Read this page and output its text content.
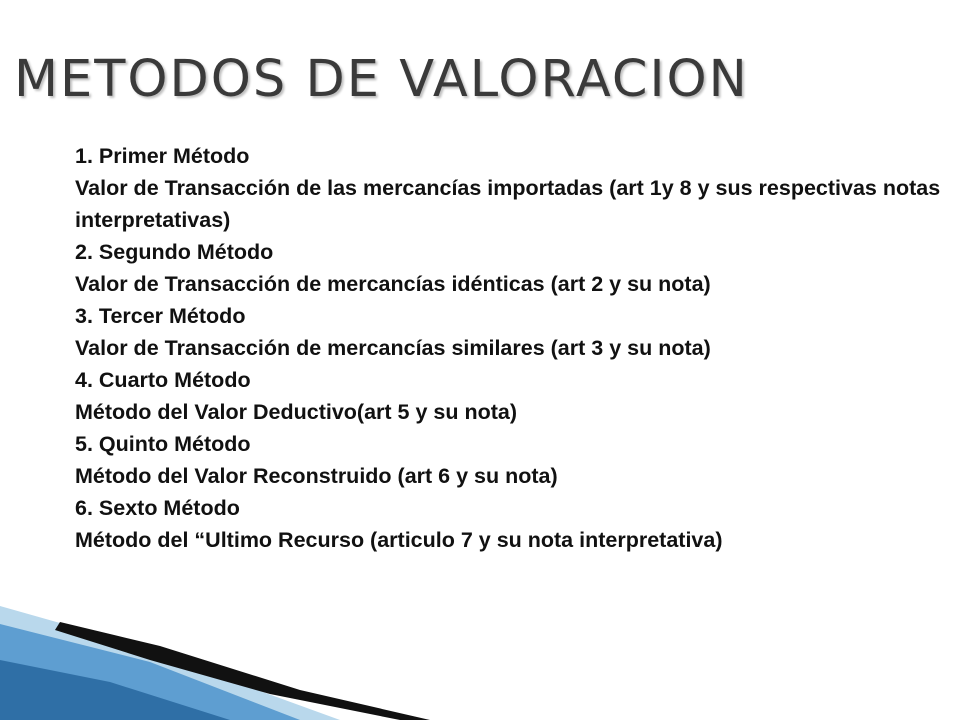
METODOS DE VALORACION

1. Primer Método

Valor de Transacción de las mercancías importadas (art 1y 8 y sus respectivas notas interpretativas)

2. Segundo Método

Valor de Transacción de mercancías idénticas (art 2 y su nota)

3. Tercer Método

Valor de Transacción de mercancías similares (art 3 y su nota)

4. Cuarto Método

Método del Valor Deductivo(art 5 y su nota)

5. Quinto Método

Método del Valor Reconstruido (art 6 y su nota)

6. Sexto Método

Método del “Ultimo Recurso (articulo 7 y su nota interpretativa)
